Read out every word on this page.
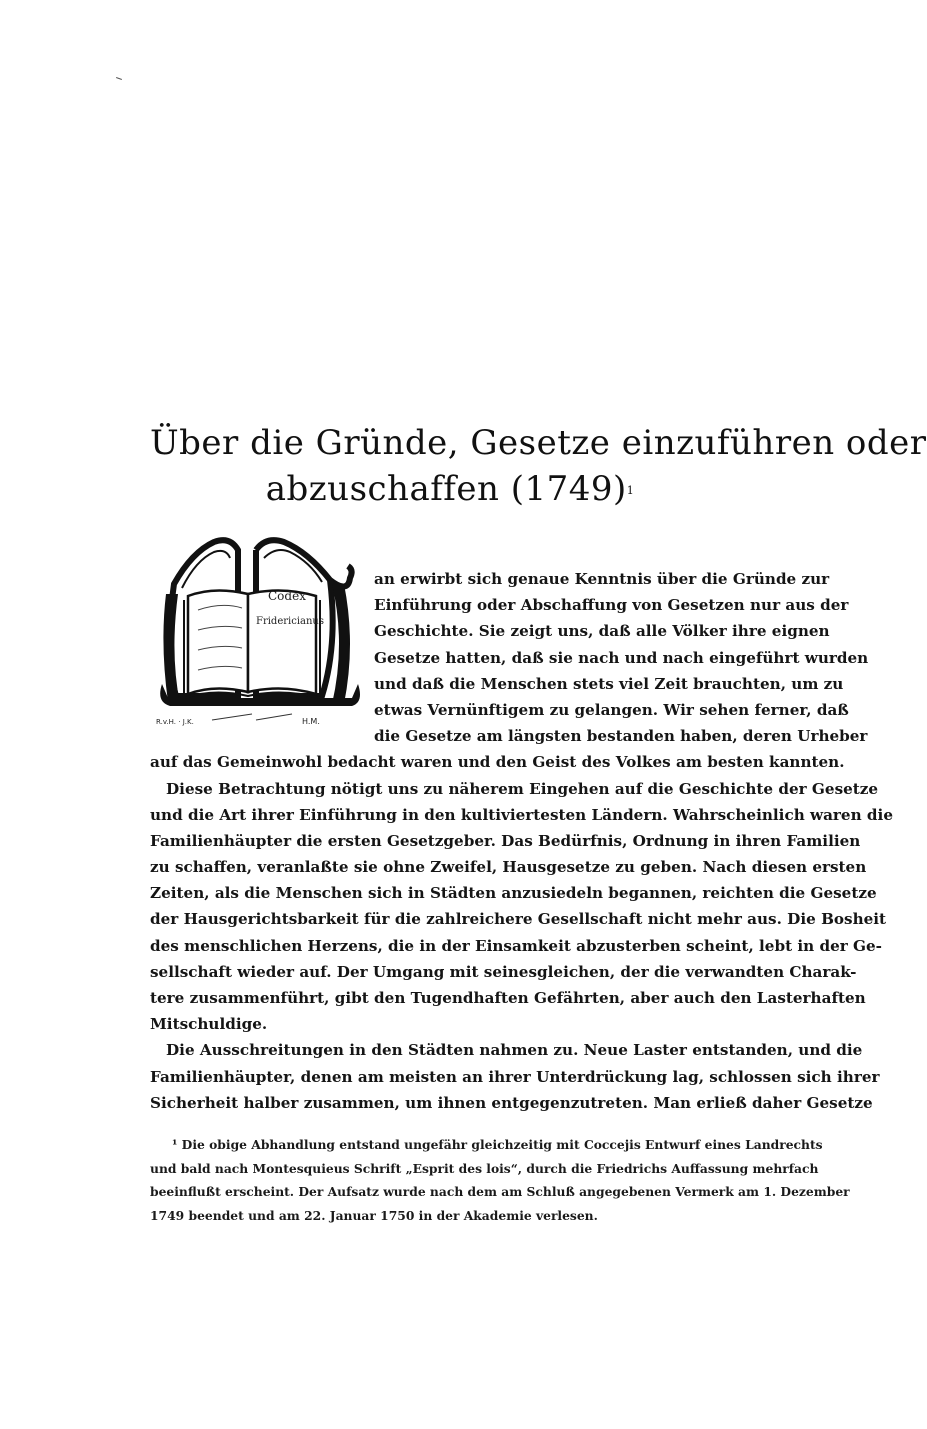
Über die Gründe, Gesetze einzuführen oder
abzuschaffen $(1749)^1$
Codex
Fridericianus
R.v.H. · J.K.	H.M.
an erwirbt sich genaue Kenntnis über die Gründe zur
Einführung oder Abschaffung von Gesetzen nur aus der
Geschichte. Sie zeigt uns, daß alle Völker ihre eignen
Gesetze hatten, daß sie nach und nach eingeführt wurden
und daß die Menschen stets viel Zeit brauchten, um zu
etwas Vernünftigem zu gelangen. Wir sehen ferner, daß
die Gesetze am längsten bestanden haben, deren Urheber
auf das Gemeinwohl bedacht waren und den Geist des Volkes am besten kannten.
Diese Betrachtung nötigt uns zu näherem Eingehen auf die Geschichte der Gesetze
und die Art ihrer Einführung in den kultiviertesten Ländern. Wahrscheinlich waren die
Familienhäupter die ersten Gesetzgeber. Das Bedürfnis, Ordnung in ihren Familien
zu schaffen, veranlaßte sie ohne Zweifel, Hausgesetze zu geben. Nach diesen ersten
Zeiten, als die Menschen sich in Städten anzusiedeln begannen, reichten die Gesetze
der Hausgerichtsbarkeit für die zahlreichere Gesellschaft nicht mehr aus. Die Bosheit
des menschlichen Herzens, die in der Einsamkeit abzusterben scheint, lebt in der Ge-
sellschaft wieder auf. Der Umgang mit seinesgleichen, der die verwandten Charak-
tere zusammenführt, gibt den Tugendhaften Gefährten, aber auch den Lasterhaften
Mitschuldige.
Die Ausschreitungen in den Städten nahmen zu. Neue Laster entstanden, und die
Familienhäupter, denen am meisten an ihrer Unterdrückung lag, schlossen sich ihrer
Sicherheit halber zusammen, um ihnen entgegenzutreten. Man erließ daher Gesetze
¹ Die obige Abhandlung entstand ungefähr gleichzeitig mit Coccejis Entwurf eines Landrechts
und bald nach Montesquieus Schrift „Esprit des lois“, durch die Friedrichs Auffassung mehrfach
beeinflußt erscheint. Der Aufsatz wurde nach dem am Schluß angegebenen Vermerk am 1. Dezember
1749 beendet und am 22. Januar 1750 in der Akademie verlesen.
